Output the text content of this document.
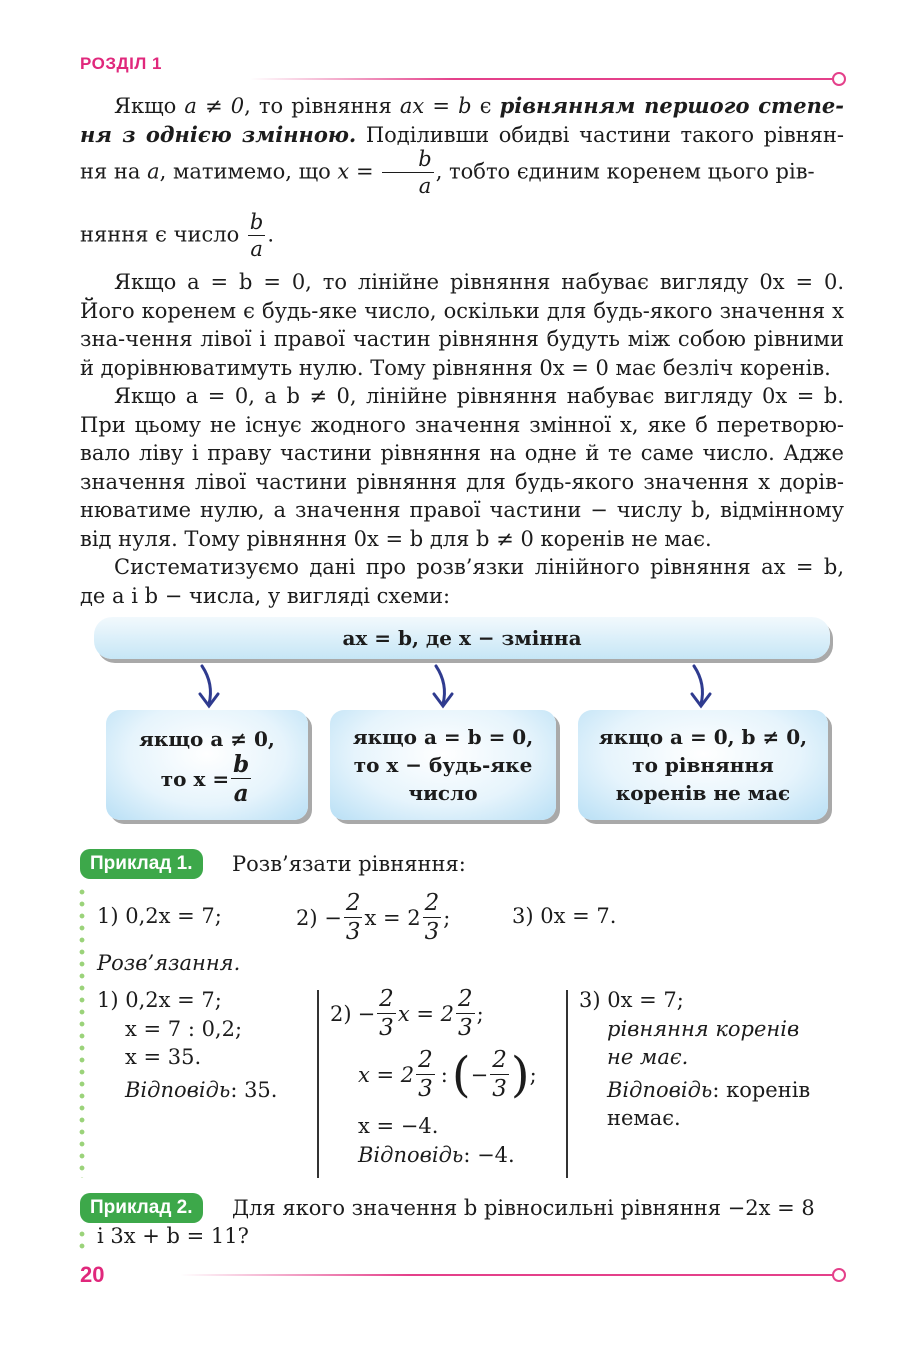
РОЗДІЛ 1

Якщо a ≠ 0, то рівняння ax = b є рівнянням першого степе-ня з однією змінною. Поділивши обидві частини такого рівнян-ня на a, матимемо, що $x = \frac{b}{a}$ , тобто єдиним коренем цього рів-

няння є число $\frac{b}{a}$ .

Якщо a = b = 0, то лінійне рівняння набуває вигляду 0x = 0. Його коренем є будь-яке число, оскільки для будь-якого значення x зна-чення лівої і правої частин рівняння будуть між собою рівними й дорівнюватимуть нулю. Тому рівняння 0x = 0 має безліч коренів.

Якщо a = 0, а b ≠ 0, лінійне рівняння набуває вигляду 0x = b. При цьому не існує жодного значення змінної x, яке б перетворю-вало ліву і праву частини рівняння на одне й те саме число. Адже значення лівої частини рівняння для будь-якого значення x дорів-нюватиме нулю, а значення правої частини − числу b, відмінному від нуля. Тому рівняння 0x = b для b ≠ 0 коренів не має.

Систематизуємо дані про розв’язки лінійного рівняння ax = b, де a і b − числа, у вигляді схеми:

ax = b, де x − змінна
якщо a ≠ 0,
то $x = \frac{b}{a}$
якщо a = b = 0,
то x − будь-яке
число
якщо a = 0, b ≠ 0,
то рівняння
коренів не має
Приклад 1.	Розв’язати рівняння:
1) 0,2x = 7;	$2) - \frac{2}{3}$ $x = 2 \frac{2}{3}$ ;	3) 0x = 7.
Розв’язання.
1) 0,2x = 7;
x = 7 : 0,2;
x = 35.
Відповідь: 35.
$2) - \frac{2}{3}$ $x = 2 \frac{2}{3}$ ;
$x = 2 \frac{2}{3}$ : ( − $\frac{2}{3}$ ) ;
x = −4.
Відповідь: −4.
3) 0x = 7;
рівняння коренів
не має.
Відповідь: коренів
немає.
Приклад 2.	Для якого значення b рівносильні рівняння −2x = 8
і 3x + b = 11?
20
